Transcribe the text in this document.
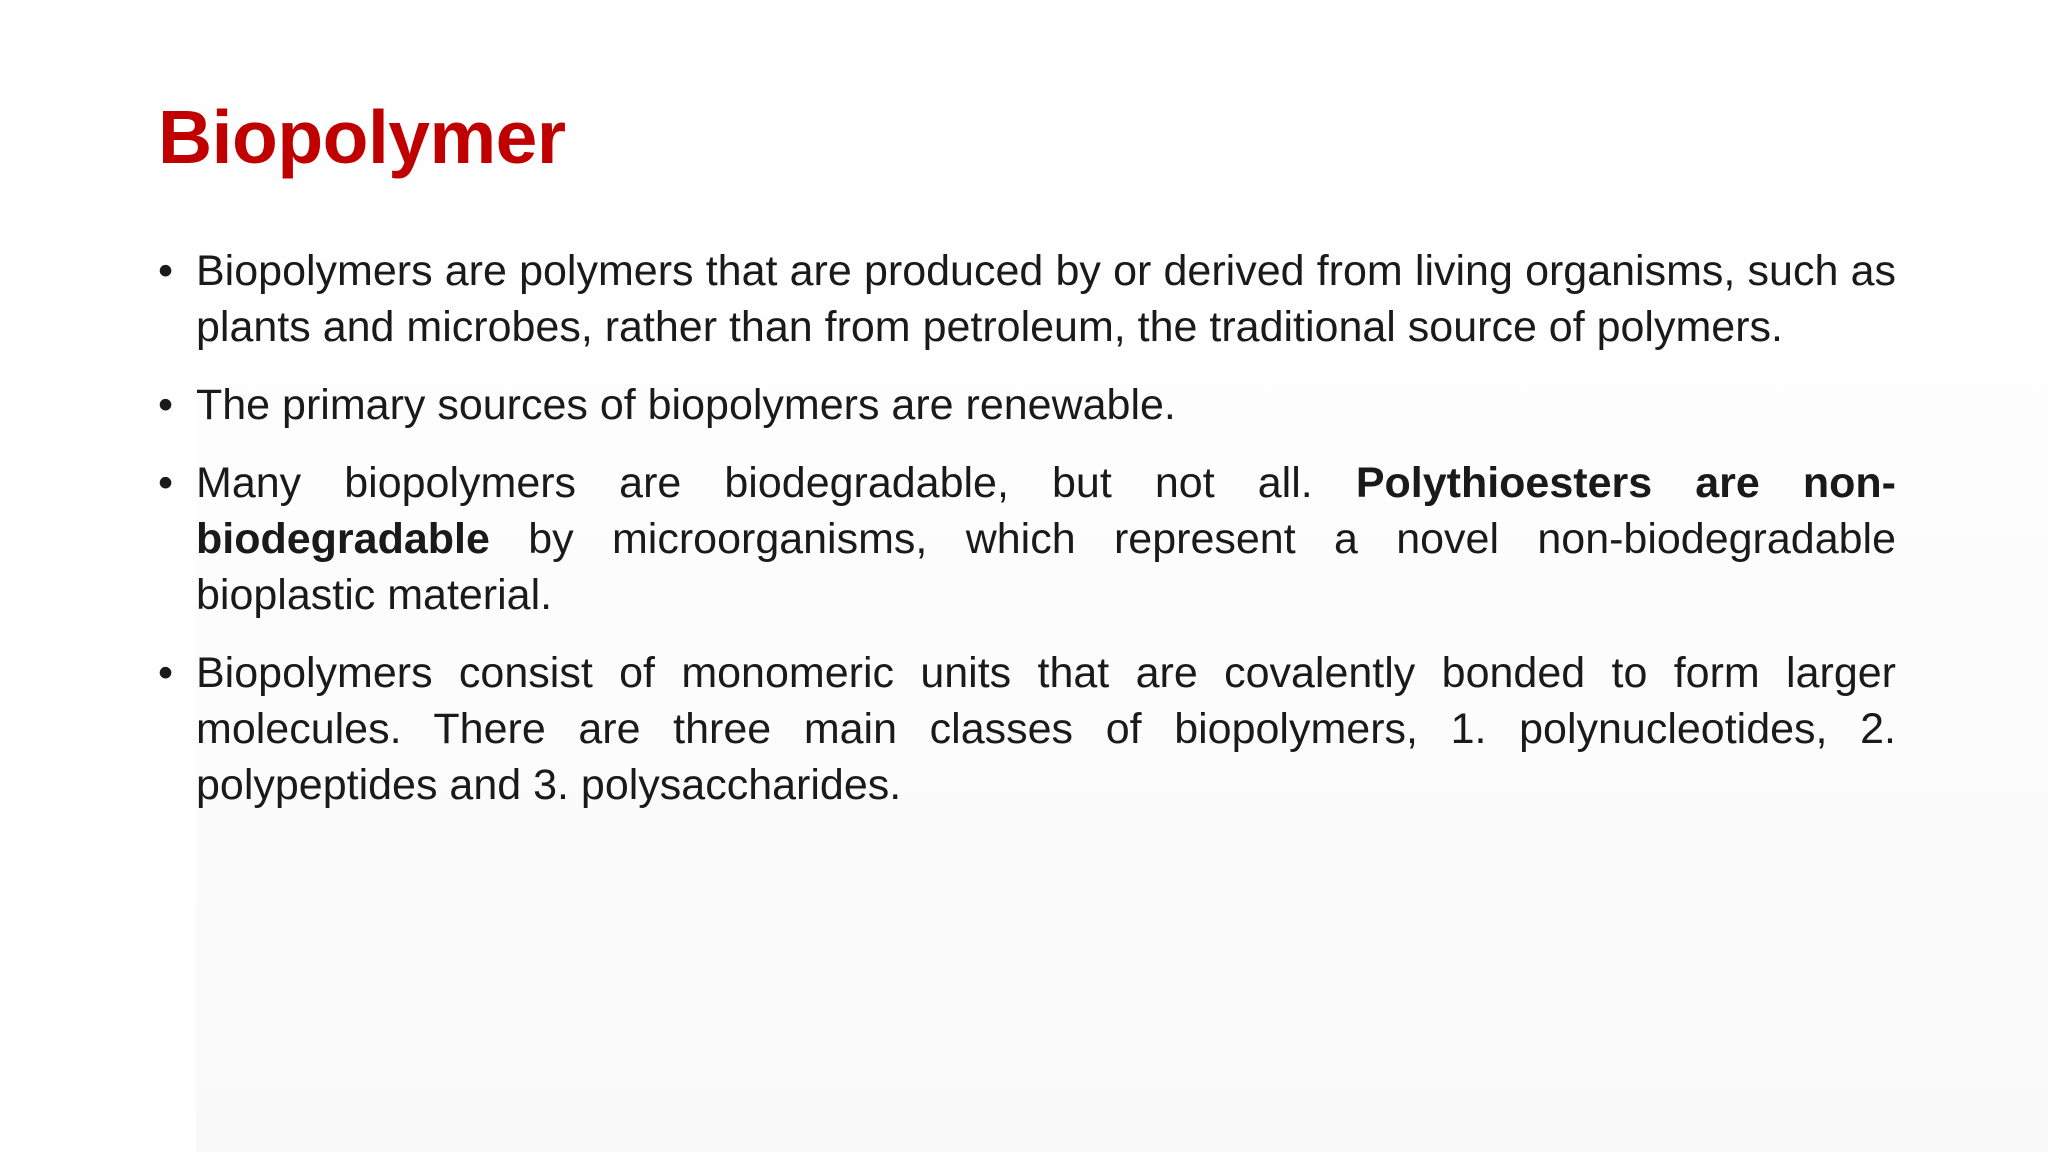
Biopolymer
• Biopolymers are polymers that are produced by or derived from living organisms, such as plants and microbes, rather than from petroleum, the traditional source of polymers.
• The primary sources of biopolymers are renewable.
• Many biopolymers are biodegradable, but not all. Polythioesters are non-biodegradable by microorganisms, which represent a novel non-biodegradable bioplastic material.
• Biopolymers consist of monomeric units that are covalently bonded to form larger molecules. There are three main classes of biopolymers, 1. polynucleotides, 2. polypeptides and 3. polysaccharides.
